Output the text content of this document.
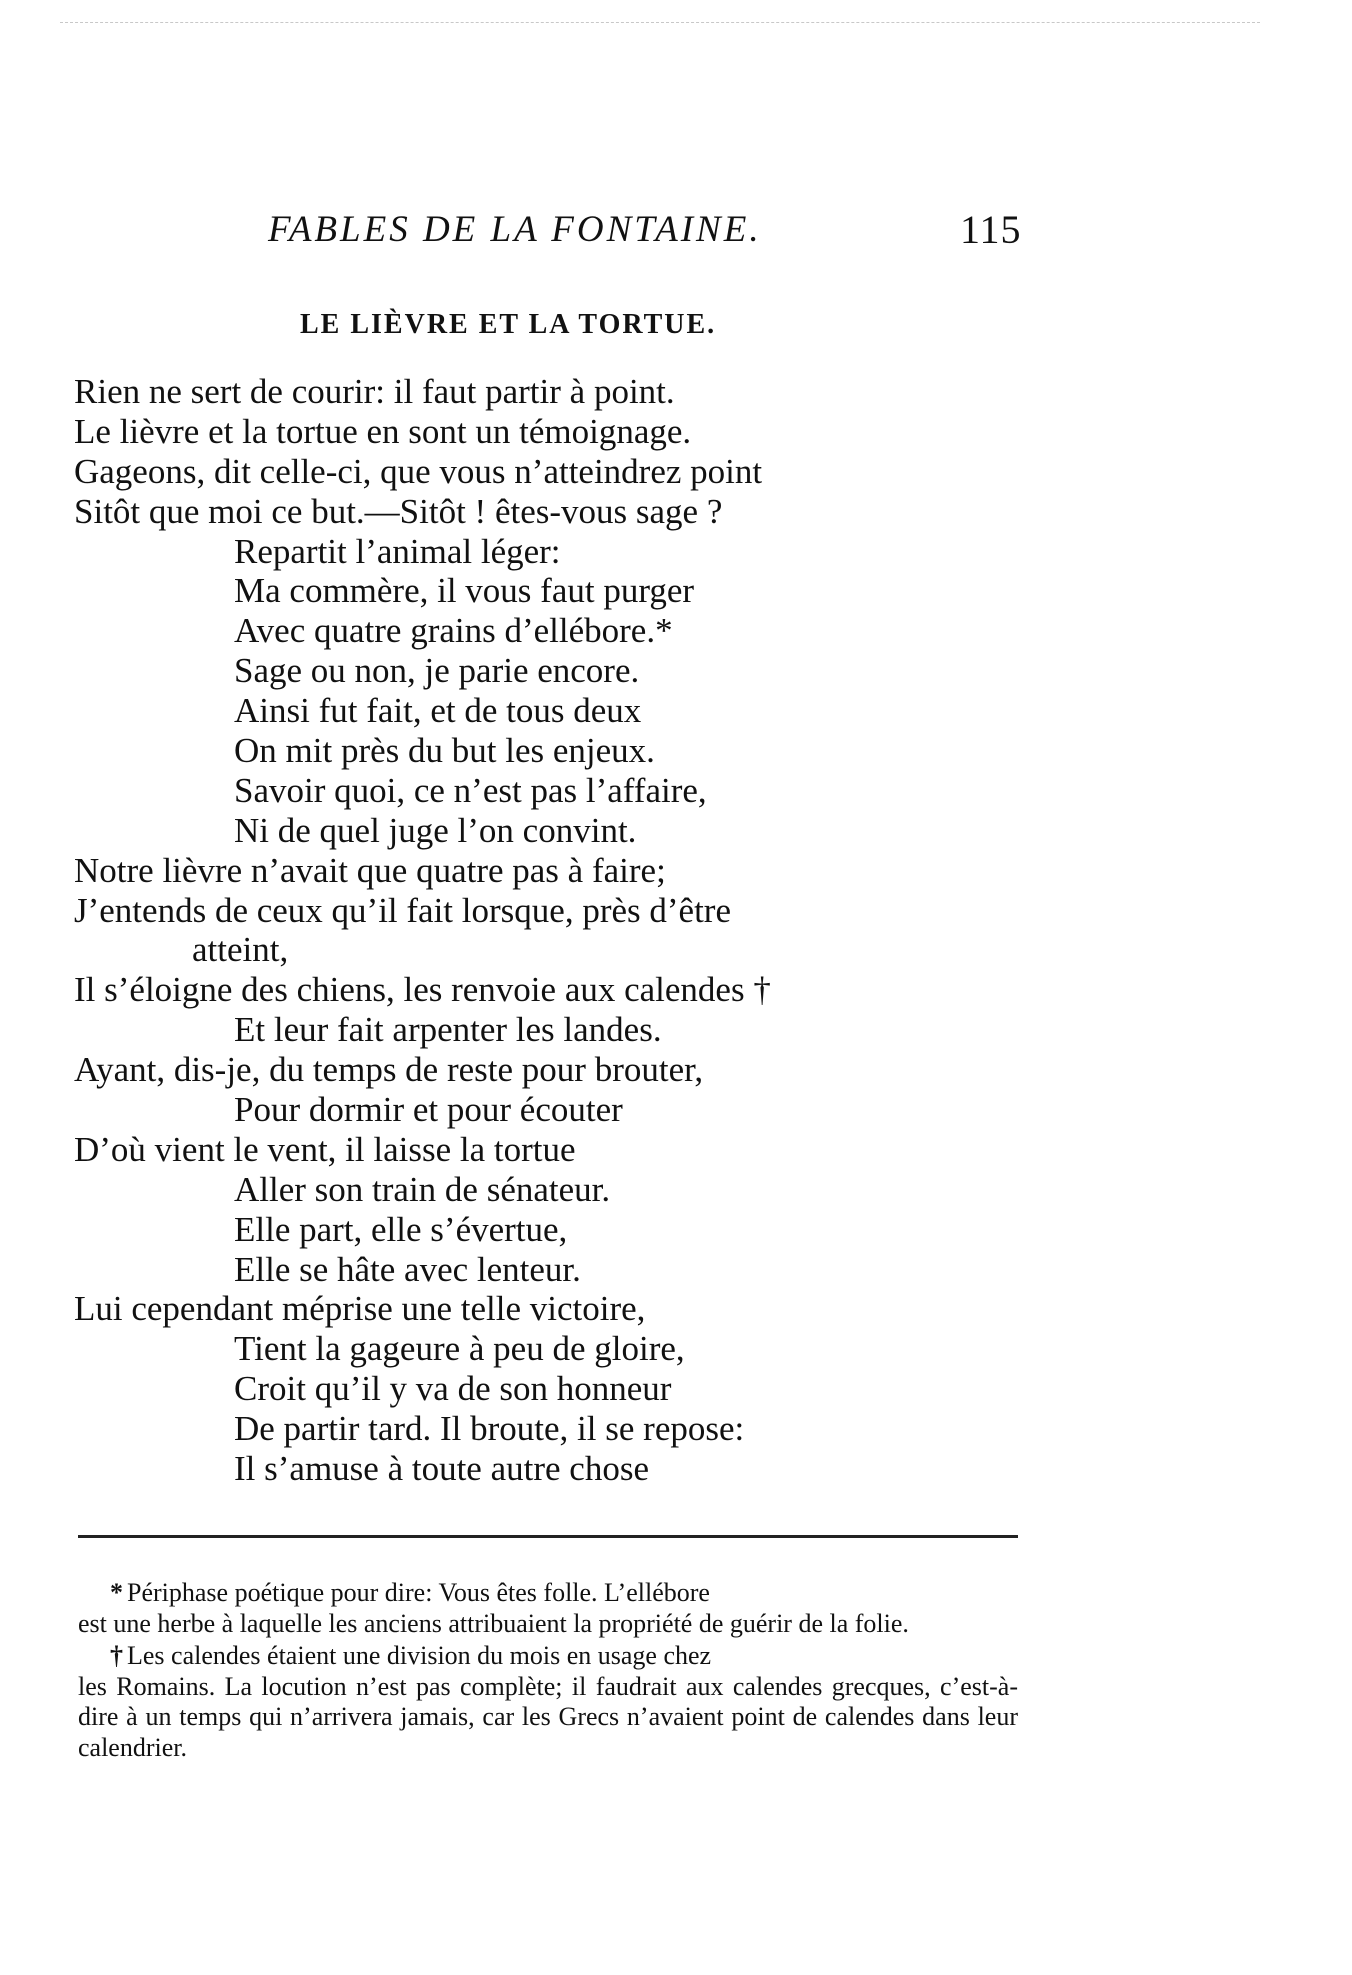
FABLES DE LA FONTAINE.	115
LE LIÈVRE ET LA TORTUE.
Rien ne sert de courir: il faut partir à point.
Le lièvre et la tortue en sont un témoignage.
Gageons, dit celle-ci, que vous n’atteindrez point
Sitôt que moi ce but.—Sitôt ! êtes-vous sage ?
Repartit l’animal léger:
Ma commère, il vous faut purger
Avec quatre grains d’ellébore.*
Sage ou non, je parie encore.
Ainsi fut fait, et de tous deux
On mit près du but les enjeux.
Savoir quoi, ce n’est pas l’affaire,
Ni de quel juge l’on convint.
Notre lièvre n’avait que quatre pas à faire;
J’entends de ceux qu’il fait lorsque, près d’être
atteint,
Il s’éloigne des chiens, les renvoie aux calendes †
Et leur fait arpenter les landes.
Ayant, dis-je, du temps de reste pour brouter,
Pour dormir et pour écouter
D’où vient le vent, il laisse la tortue
Aller son train de sénateur.
Elle part, elle s’évertue,
Elle se hâte avec lenteur.
Lui cependant méprise une telle victoire,
Tient la gageure à peu de gloire,
Croit qu’il y va de son honneur
De partir tard. Il broute, il se repose:
Il s’amuse à toute autre chose
* Périphase poétique pour dire: Vous êtes folle. L’ellébore
est une herbe à laquelle les anciens attribuaient la propriété de guérir de la folie.
† Les calendes étaient une division du mois en usage chez
les Romains. La locution n’est pas complète; il faudrait aux calendes grecques, c’est-à-dire à un temps qui n’arrivera jamais, car les Grecs n’avaient point de calendes dans leur calendrier.
